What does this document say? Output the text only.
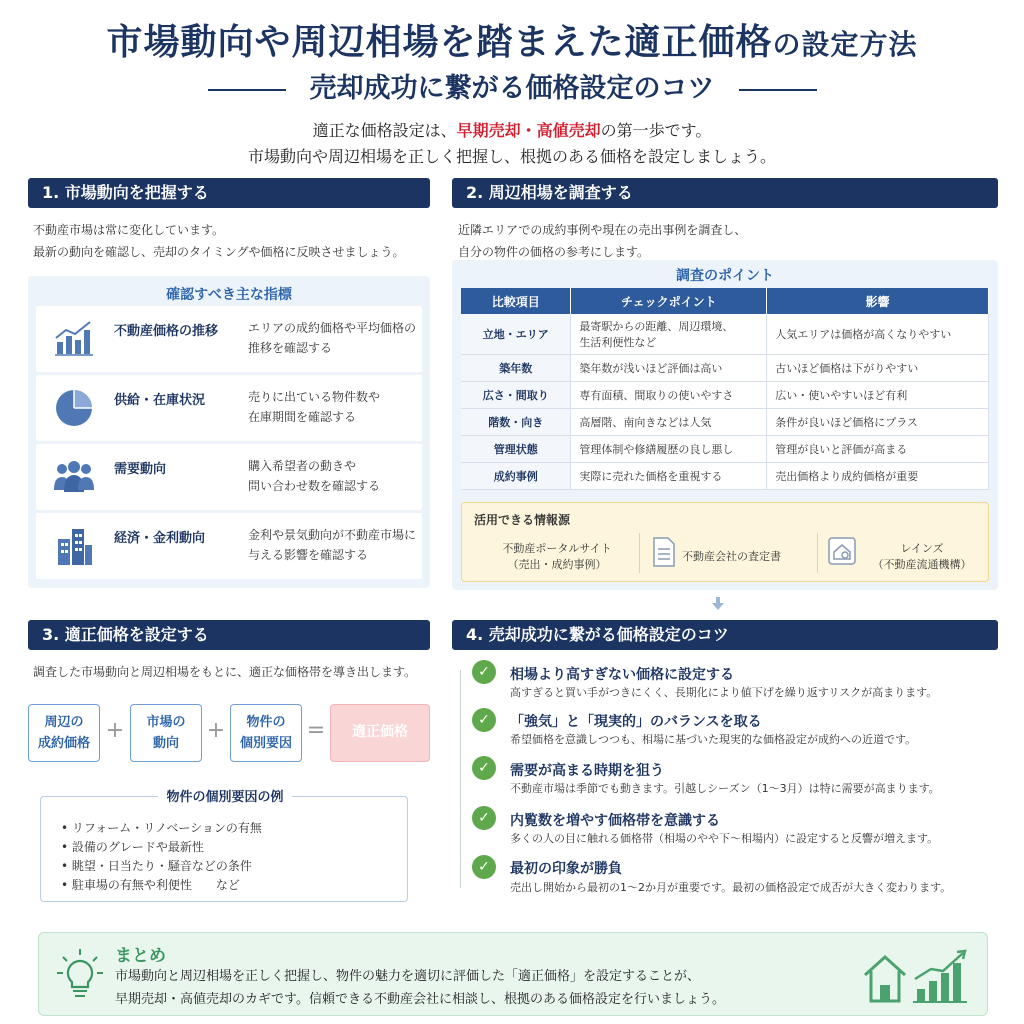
市場動向や周辺相場を踏まえた適正価格の設定方法
売却成功に繋がる価格設定のコツ
適正な価格設定は、早期売却・高値売却の第一歩です。
市場動向や周辺相場を正しく把握し、根拠のある価格を設定しましょう。
1. 市場動向を把握する
不動産市場は常に変化しています。
最新の動向を確認し、売却のタイミングや価格に反映させましょう。
確認すべき主な指標
不動産価格の推移 エリアの成約価格や平均価格の
推移を確認する
供給・在庫状況	売りに出ている物件数や
在庫期間を確認する
需要動向	購入希望者の動きや
問い合わせ数を確認する
経済・金利動向	金利や景気動向が不動産市場に
与える影響を確認する
2. 周辺相場を調査する
近隣エリアでの成約事例や現在の売出事例を調査し、
自分の物件の価格の参考にします。
調査のポイント
比較項目	チェックポイント	影響
立地・エリア	最寄駅からの距離、周辺環境、
生活利便性など	人気エリアは価格が高くなりやすい
築年数	築年数が浅いほど評価は高い	古いほど価格は下がりやすい
広さ・間取り	専有面積、間取りの使いやすさ	広い・使いやすいほど有利
階数・向き	高層階、南向きなどは人気	条件が良いほど価格にプラス
管理状態	管理体制や修繕履歴の良し悪し	管理が良いと評価が高まる
成約事例	実際に売れた価格を重視する	売出価格より成約価格が重要
活用できる情報源
不動産ポータルサイト
（売出・成約事例）
不動産会社の査定書
レインズ
（不動産流通機構）
3. 適正価格を設定する
調査した市場動向と周辺相場をもとに、適正な価格帯を導き出します。
周辺の
成約価格
+	市場の
動向
+	物件の
個別要因
=	適正価格
物件の個別要因の例
• リフォーム・リノベーションの有無
• 設備のグレードや最新性
• 眺望・日当たり・騒音などの条件
• 駐車場の有無や利便性　　など
4. 売却成功に繋がる価格設定のコツ
✓	相場より高すぎない価格に設定する
高すぎると買い手がつきにくく、長期化により値下げを繰り返すリスクが高まります。
✓	「強気」と「現実的」のバランスを取る
希望価格を意識しつつも、相場に基づいた現実的な価格設定が成約への近道です。
✓	需要が高まる時期を狙う
不動産市場は季節でも動きます。引越しシーズン（1〜3月）は特に需要が高まります。
✓	内覧数を増やす価格帯を意識する
多くの人の目に触れる価格帯（相場のやや下〜相場内）に設定すると反響が増えます。
✓	最初の印象が勝負
売出し開始から最初の1〜2か月が重要です。最初の価格設定で成否が大きく変わります。
まとめ
市場動向と周辺相場を正しく把握し、物件の魅力を適切に評価した「適正価格」を設定することが、
早期売却・高値売却のカギです。信頼できる不動産会社に相談し、根拠のある価格設定を行いましょう。
